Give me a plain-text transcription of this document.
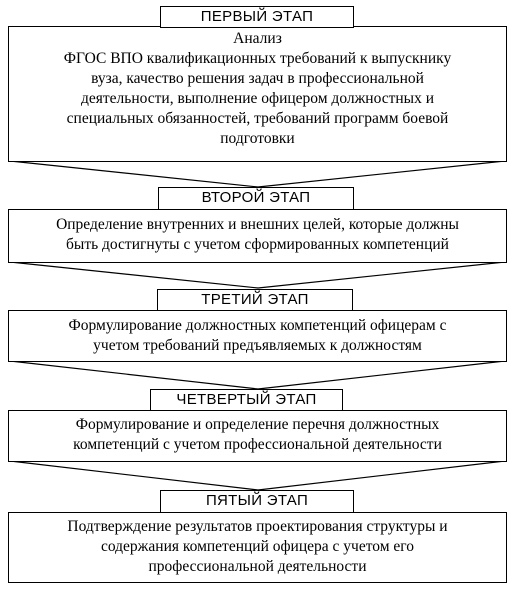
Анализ
ФГОС ВПО квалификационных требований к выпускнику
вуза, качество решения задач в профессиональной
деятельности, выполнение офицером должностных и
специальных обязанностей, требований программ боевой
подготовки
ПЕРВЫЙ ЭТАП
Определение внутренних и внешних целей, которые должны
быть достигнуты с учетом сформированных компетенций
ВТОРОЙ ЭТАП
Формулирование должностных компетенций офицерам с
учетом требований предъявляемых к должностям
ТРЕТИЙ ЭТАП
Формулирование и определение перечня должностных
компетенций с учетом профессиональной деятельности
ЧЕТВЕРТЫЙ ЭТАП
Подтверждение результатов проектирования структуры и
содержания компетенций офицера с учетом его
профессиональной деятельности
ПЯТЫЙ ЭТАП
